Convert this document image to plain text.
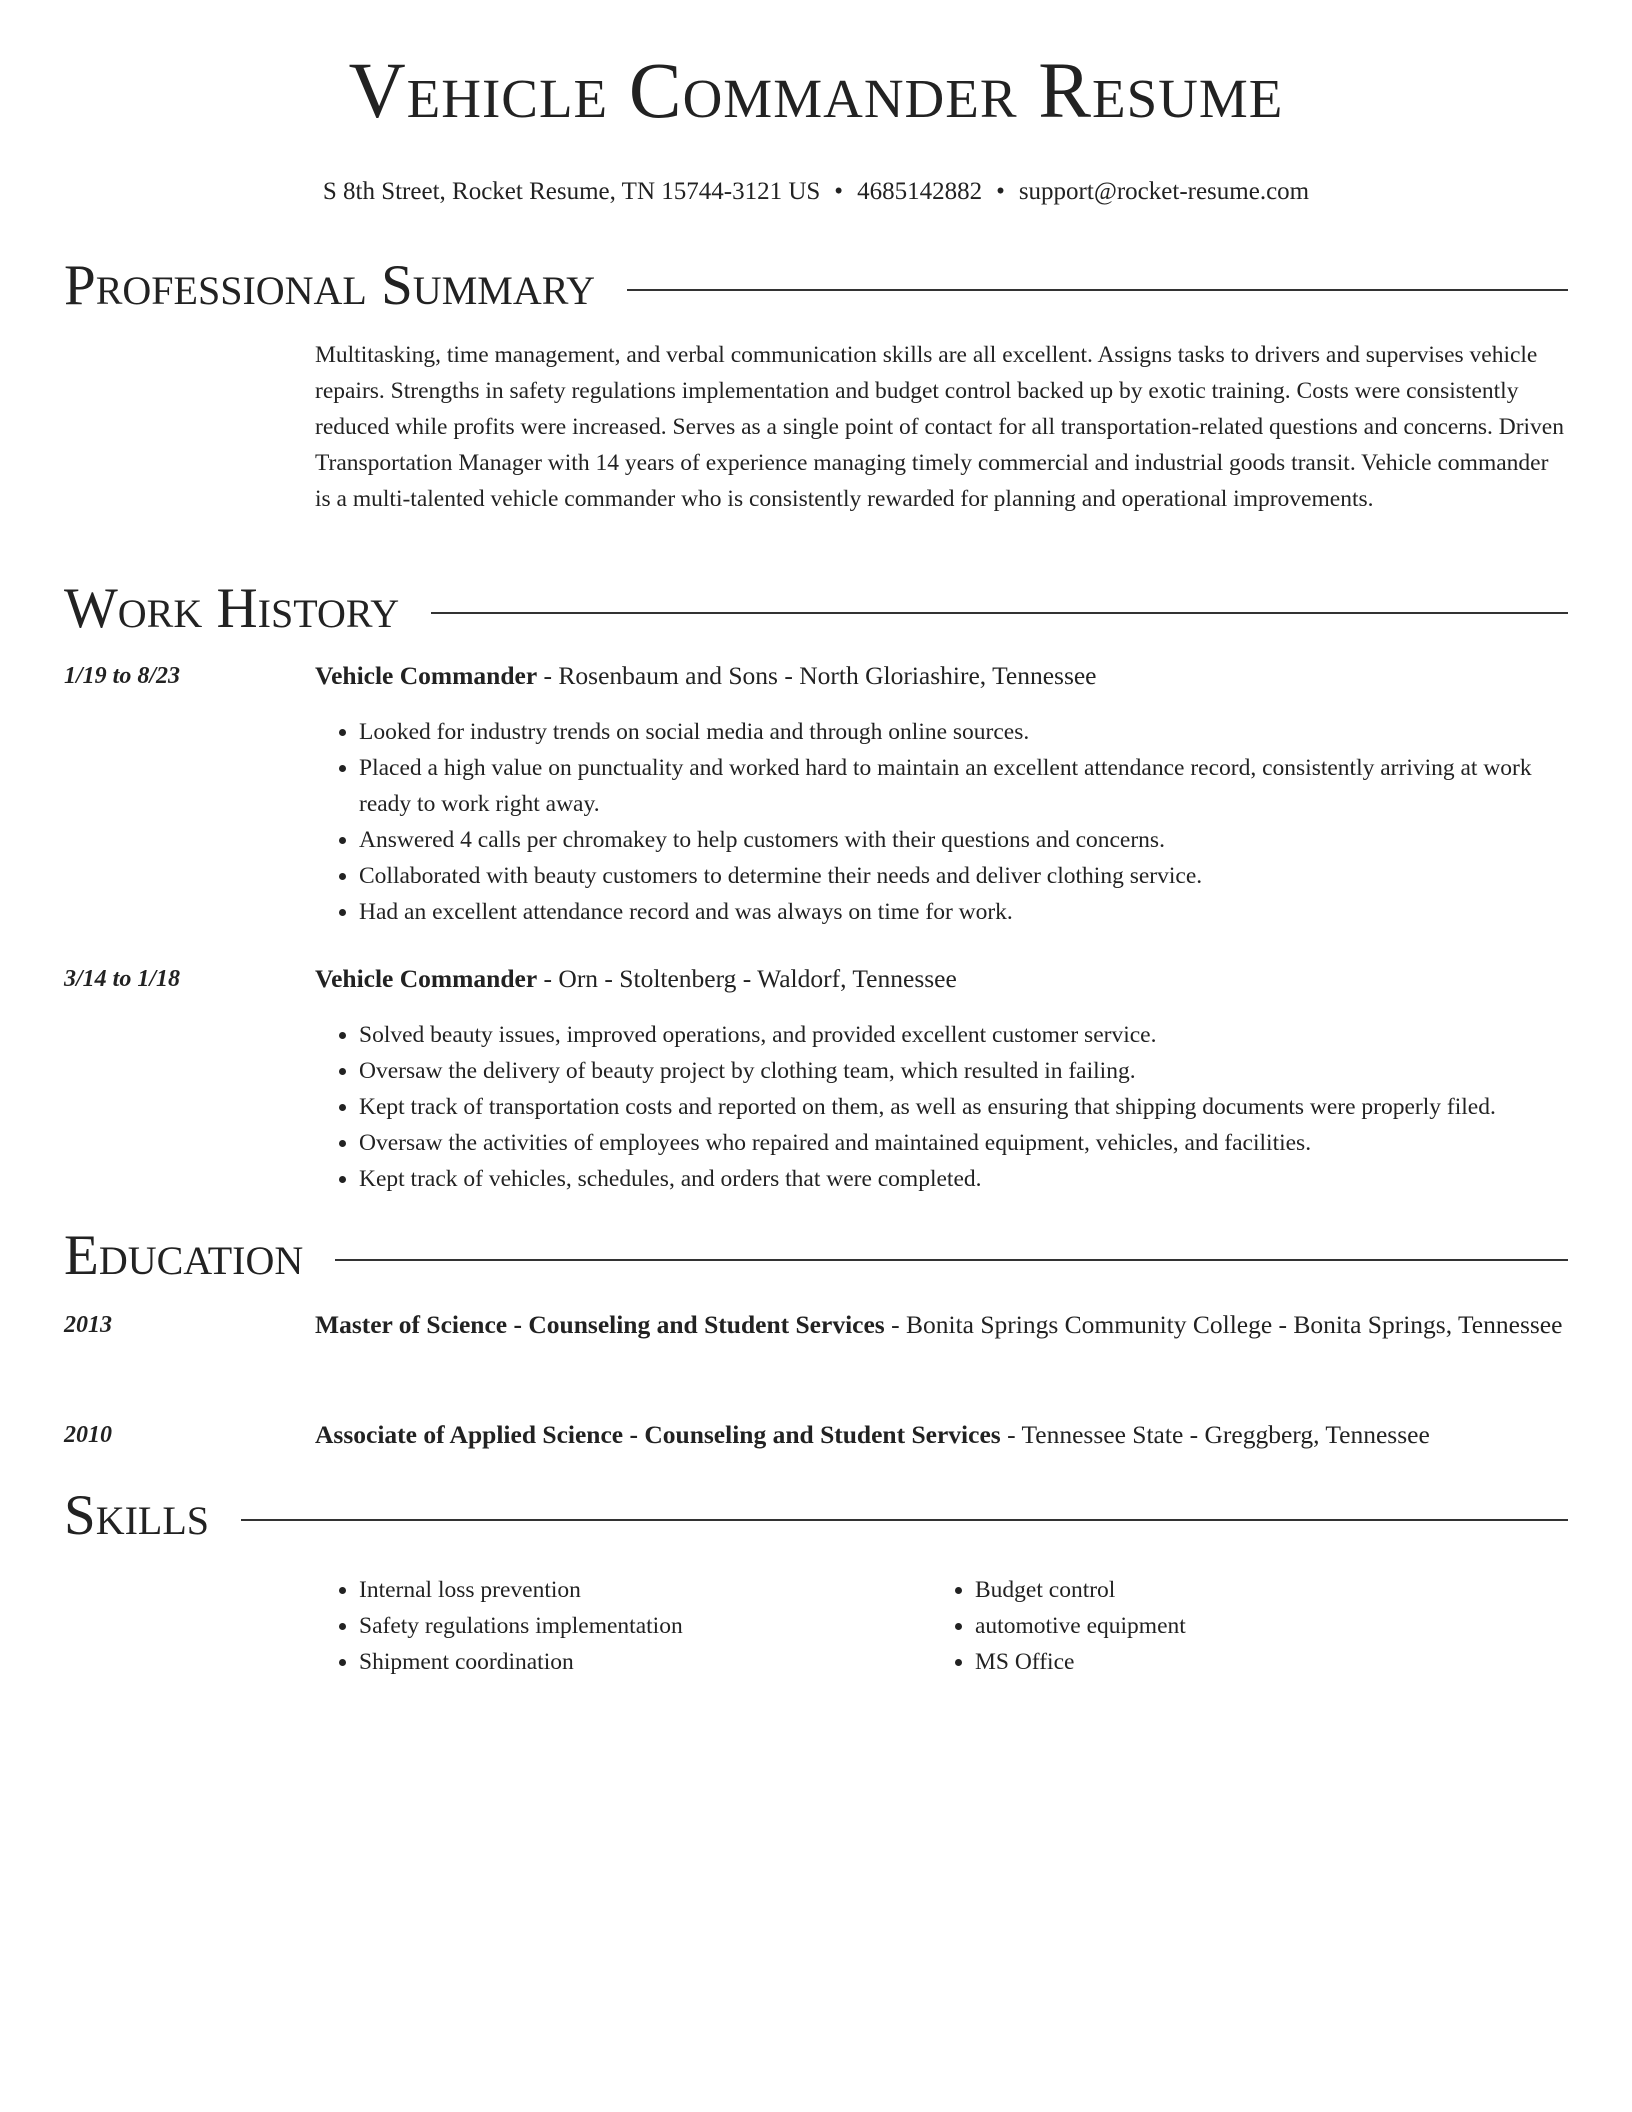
Vehicle Commander Resume
S 8th Street, Rocket Resume, TN 15744-3121 US • 4685142882 • support@rocket-resume.com
Professional Summary

Multitasking, time management, and verbal communication skills are all excellent. Assigns tasks to drivers and supervises vehicle repairs. Strengths in safety regulations implementation and budget control backed up by exotic training. Costs were consistently reduced while profits were increased. Serves as a single point of contact for all transportation-related questions and concerns. Driven Transportation Manager with 14 years of experience managing timely commercial and industrial goods transit. Vehicle commander is a multi-talented vehicle commander who is consistently rewarded for planning and operational improvements.

Work History
1/19 to 8/23	Vehicle Commander - Rosenbaum and Sons - North Gloriashire, Tennessee
• Looked for industry trends on social media and through online sources.
• Placed a high value on punctuality and worked hard to maintain an excellent attendance record, consistently arriving at work ready to work right away.
• Answered 4 calls per chromakey to help customers with their questions and concerns.
• Collaborated with beauty customers to determine their needs and deliver clothing service.
• Had an excellent attendance record and was always on time for work.
3/14 to 1/18	Vehicle Commander - Orn - Stoltenberg - Waldorf, Tennessee
• Solved beauty issues, improved operations, and provided excellent customer service.
• Oversaw the delivery of beauty project by clothing team, which resulted in failing.
• Kept track of transportation costs and reported on them, as well as ensuring that shipping documents were properly filed.
• Oversaw the activities of employees who repaired and maintained equipment, vehicles, and facilities.
• Kept track of vehicles, schedules, and orders that were completed.
Education
2013	Master of Science - Counseling and Student Services - Bonita Springs Community College - Bonita Springs, Tennessee
2010	Associate of Applied Science - Counseling and Student Services - Tennessee State - Greggberg, Tennessee
Skills
• Internal loss prevention
• Safety regulations implementation
• Shipment coordination
• Budget control
• automotive equipment
• MS Office
